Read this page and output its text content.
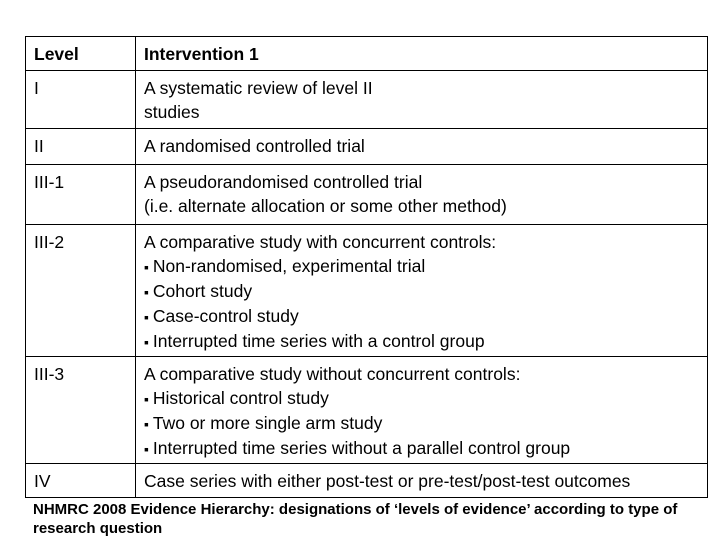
Level	Intervention 1
I	A systematic review of level II
studies

II	A randomised controlled trial

III-1	A pseudorandomised controlled trial
(i.e. alternate allocation or some other method)

III-2	A comparative study with concurrent controls:
▪ Non-randomised, experimental trial
▪ Cohort study
▪ Case-control study
▪ Interrupted time series with a control group

III-3	A comparative study without concurrent controls:
▪ Historical control study
▪ Two or more single arm study
▪ Interrupted time series without a parallel control group

IV	Case series with either post-test or pre-test/post-test outcomes
NHMRC 2008 Evidence Hierarchy: designations of ‘levels of evidence’ according to type of research question
